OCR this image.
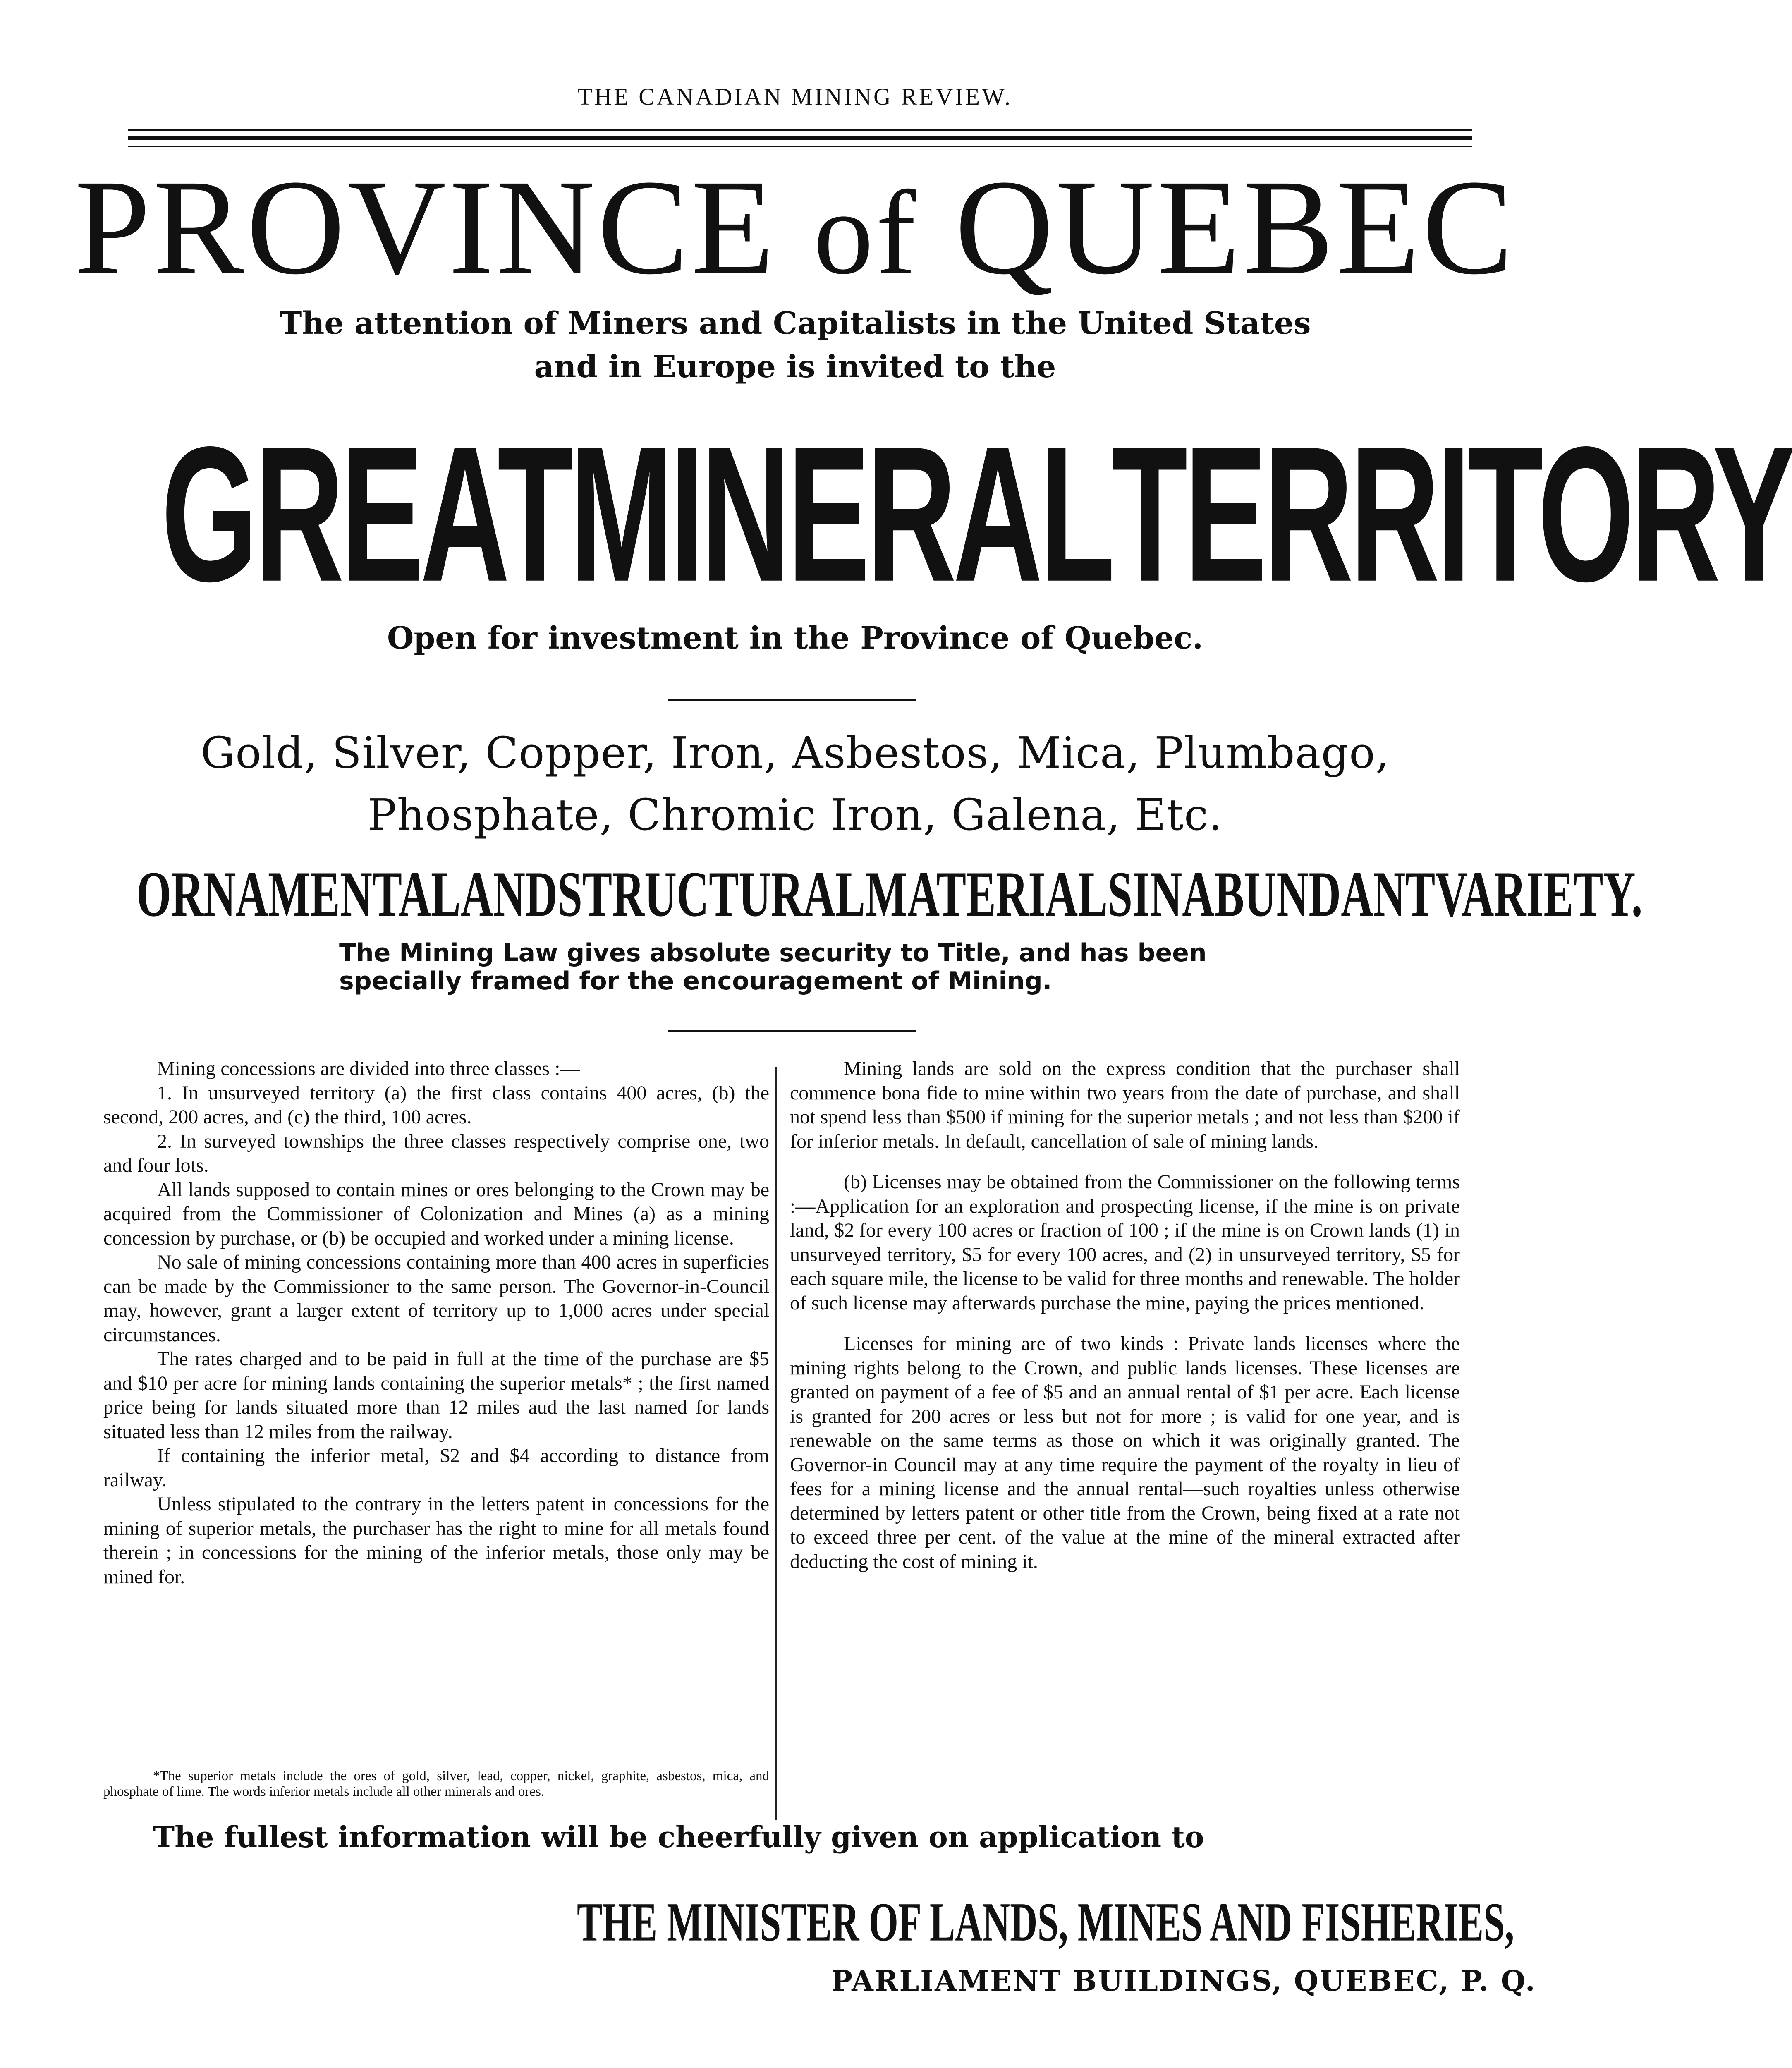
THE CANADIAN MINING REVIEW.
PROVINCE of QUEBEC
The attention of Miners and Capitalists in the United States
and in Europe is invited to the
GREAT MINERAL TERRITORY
Open for investment in the Province of Quebec.
Gold, Silver, Copper, Iron, Asbestos, Mica, Plumbago,
Phosphate, Chromic Iron, Galena, Etc.
ORNAMENTAL AND STRUCTURAL MATERIALS IN ABUNDANT VARIETY.
The Mining Law gives absolute security to Title, and has been
specially framed for the encouragement of Mining.

Mining concessions are divided into three classes :—

1. In unsurveyed territory (a) the first class contains 400 acres, (b) the second, 200 acres, and (c) the third, 100 acres.

2. In surveyed townships the three classes respectively comprise one, two and four lots.

All lands supposed to contain mines or ores belonging to the Crown may be acquired from the Commissioner of Colonization and Mines (a) as a mining concession by purchase, or (b) be occupied and worked under a mining license.

No sale of mining concessions containing more than 400 acres in superficies can be made by the Commissioner to the same person. The Governor-in-Council may, however, grant a larger extent of territory up to 1,000 acres under special circumstances.

The rates charged and to be paid in full at the time of the purchase are $5 and $10 per acre for mining lands containing the superior metals* ; the first named price being for lands situated more than 12 miles aud the last named for lands situated less than 12 miles from the railway.

If containing the inferior metal, $2 and $4 according to distance from railway.

Unless stipulated to the contrary in the letters patent in concessions for the mining of superior metals, the purchaser has the right to mine for all metals found therein ; in concessions for the mining of the inferior metals, those only may be mined for.

*The superior metals include the ores of gold, silver, lead, copper, nickel, graphite, asbestos, mica, and phosphate of lime. The words inferior metals include all other minerals and ores.

Mining lands are sold on the express condition that the purchaser shall commence bona fide to mine within two years from the date of purchase, and shall not spend less than $500 if mining for the superior metals ; and not less than $200 if for inferior metals. In default, cancellation of sale of mining lands.

(b) Licenses may be obtained from the Commissioner on the following terms :—Application for an exploration and prospecting license, if the mine is on private land, $2 for every 100 acres or fraction of 100 ; if the mine is on Crown lands (1) in unsurveyed territory, $5 for every 100 acres, and (2) in unsurveyed territory, $5 for each square mile, the license to be valid for three months and renewable. The holder of such license may afterwards purchase the mine, paying the prices mentioned.

Licenses for mining are of two kinds : Private lands licenses where the mining rights belong to the Crown, and public lands licenses. These licenses are granted on payment of a fee of $5 and an annual rental of $1 per acre. Each license is granted for 200 acres or less but not for more ; is valid for one year, and is renewable on the same terms as those on which it was originally granted. The Governor-in Council may at any time require the payment of the royalty in lieu of fees for a mining license and the annual rental—such royalties unless otherwise determined by letters patent or other title from the Crown, being fixed at a rate not to exceed three per cent. of the value at the mine of the mineral extracted after deducting the cost of mining it.

The fullest information will be cheerfully given on application to
THE MINISTER OF LANDS, MINES AND FISHERIES,
PARLIAMENT BUILDINGS, QUEBEC, P. Q.
